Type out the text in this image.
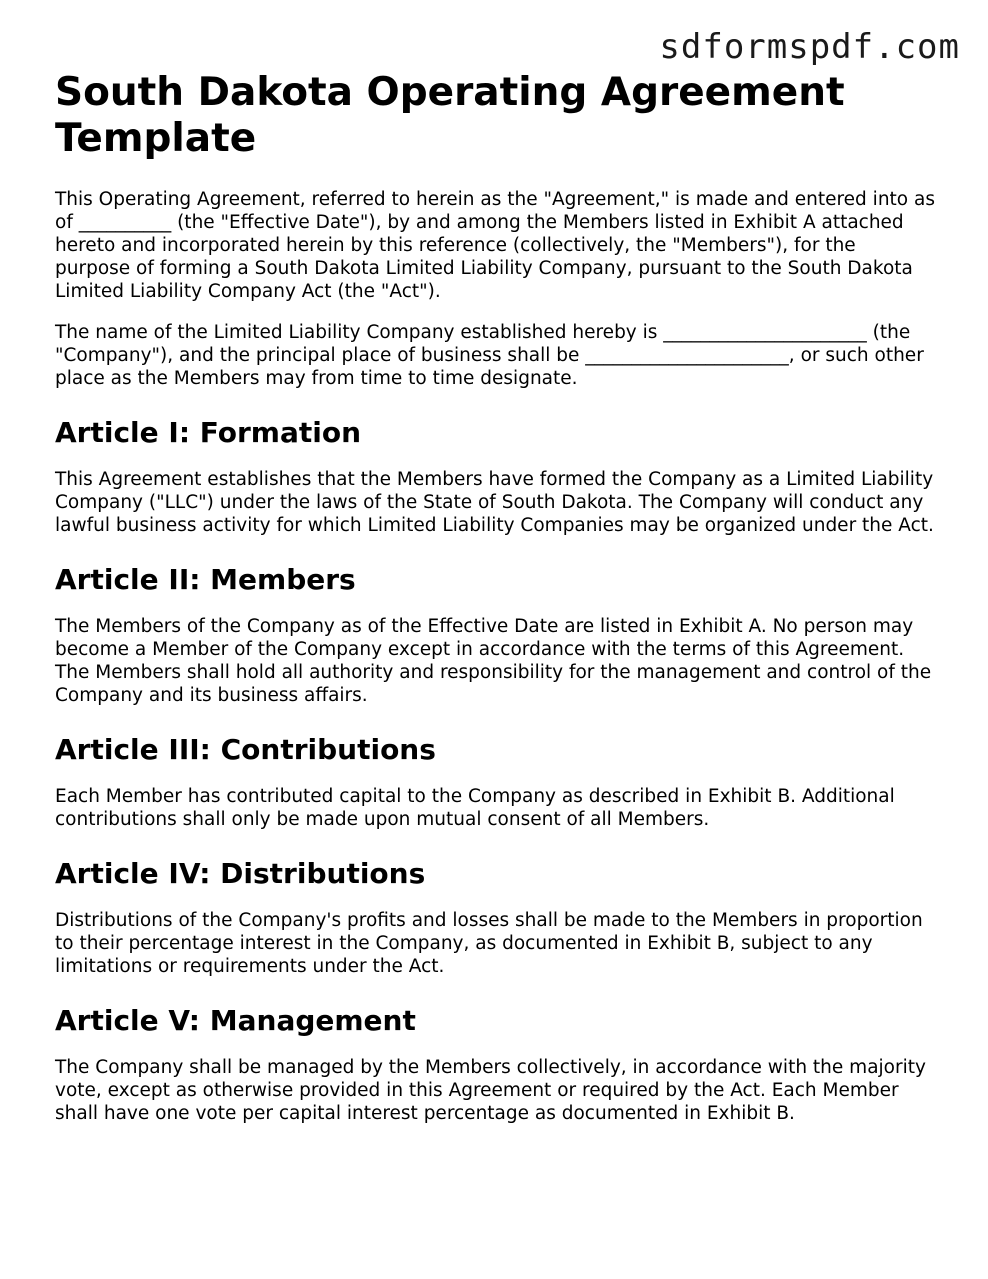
sdformspdf.com
South Dakota Operating Agreement Template

This Operating Agreement, referred to herein as the "Agreement," is made and entered into as of __________ (the "Effective Date"), by and among the Members listed in Exhibit A attached hereto and incorporated herein by this reference (collectively, the "Members"), for the purpose of forming a South Dakota Limited Liability Company, pursuant to the South Dakota Limited Liability Company Act (the "Act").

The name of the Limited Liability Company established hereby is ______________________ (the "Company"), and the principal place of business shall be ______________________, or such other place as the Members may from time to time designate.

Article I: Formation

This Agreement establishes that the Members have formed the Company as a Limited Liability Company ("LLC") under the laws of the State of South Dakota. The Company will conduct any lawful business activity for which Limited Liability Companies may be organized under the Act.

Article II: Members

The Members of the Company as of the Effective Date are listed in Exhibit A. No person may become a Member of the Company except in accordance with the terms of this Agreement. The Members shall hold all authority and responsibility for the management and control of the Company and its business affairs.

Article III: Contributions

Each Member has contributed capital to the Company as described in Exhibit B. Additional contributions shall only be made upon mutual consent of all Members.

Article IV: Distributions

Distributions of the Company's profits and losses shall be made to the Members in proportion to their percentage interest in the Company, as documented in Exhibit B, subject to any limitations or requirements under the Act.

Article V: Management

The Company shall be managed by the Members collectively, in accordance with the majority vote, except as otherwise provided in this Agreement or required by the Act. Each Member shall have one vote per capital interest percentage as documented in Exhibit B.
